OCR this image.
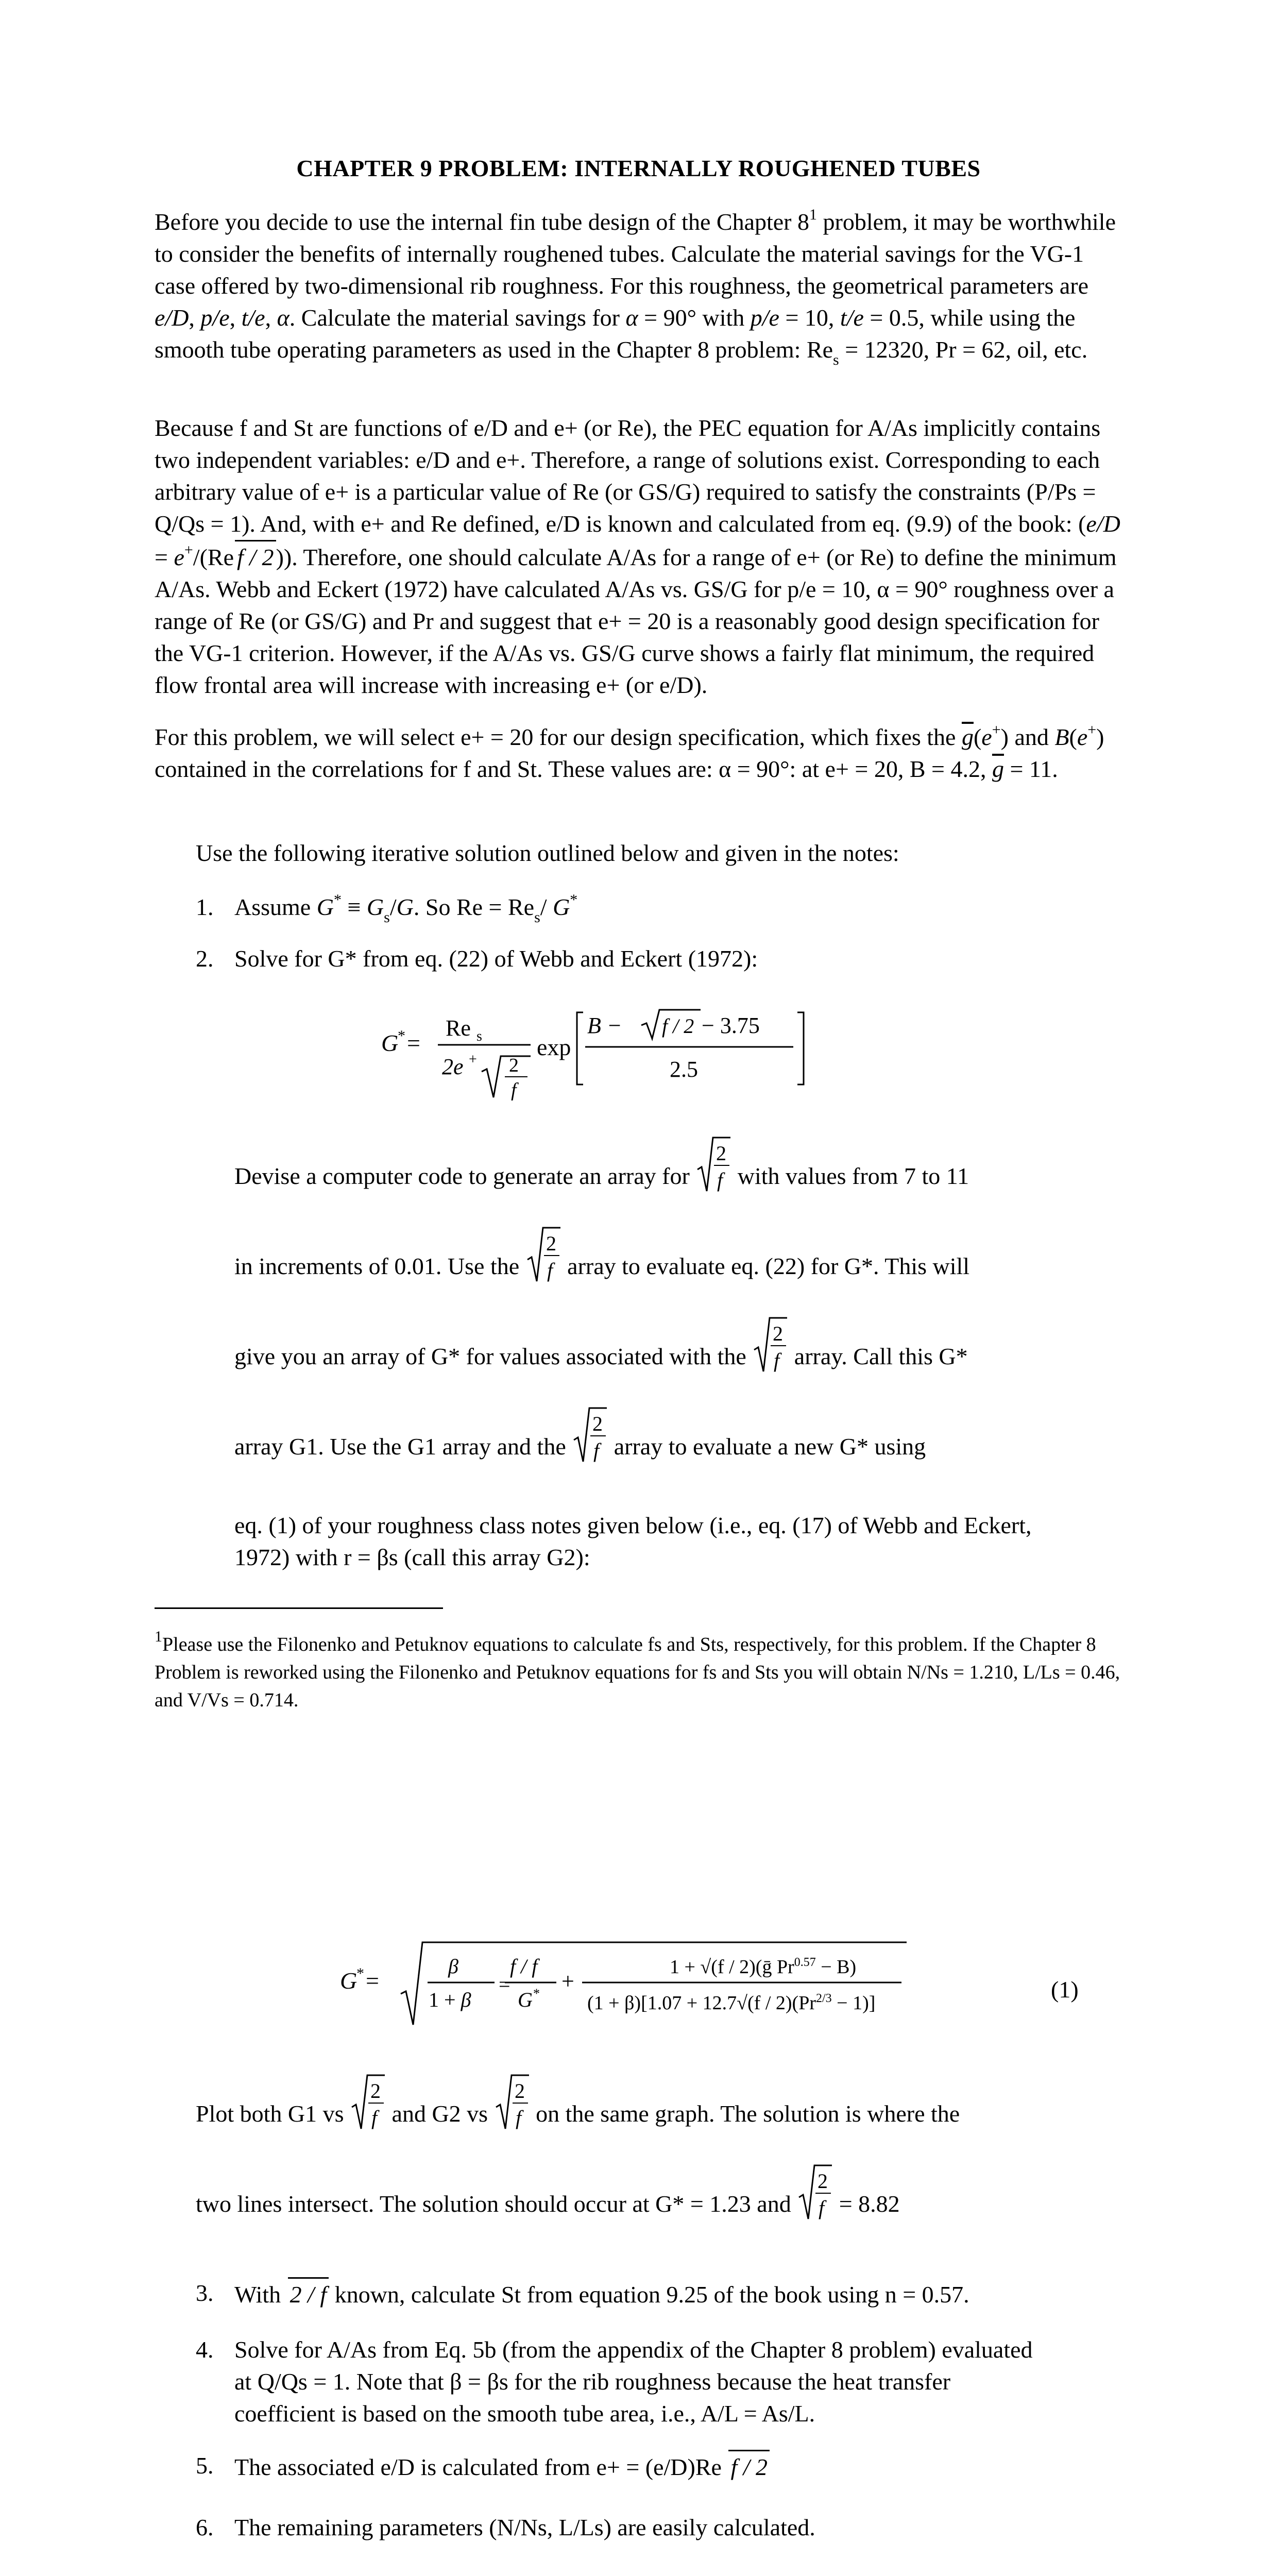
CHAPTER 9 PROBLEM: INTERNALLY ROUGHENED TUBES
Before you decide to use the internal fin tube design of the Chapter $8^1$ problem, it may be worthwhile to consider the benefits of internally roughened tubes. Calculate the material savings for the VG-1 case offered by two-dimensional rib roughness. For this roughness, the geometrical parameters are e/D, p/e, t/e, α. Calculate the material savings for α = 90° with p/e = 10, t/e = 0.5, while using the smooth tube operating parameters as used in the Chapter 8 problem: $Re_s = 12320$, Pr = 62, oil, etc.
Because f and St are functions of e/D and e+ (or Re), the PEC equation for A/As implicitly contains two independent variables: e/D and e+. Therefore, a range of solutions exist. Corresponding to each arbitrary value of e+ is a particular value of Re (or GS/G) required to satisfy the constraints (P/Ps = Q/Qs = 1). And, with e+ and Re defined, e/D is known and calculated from eq. (9.9) of the book: (e/D = e+/(Re f / 2)). Therefore, one should calculate A/As for a range of e+ (or Re) to define the minimum A/As. Webb and Eckert (1972) have calculated A/As vs. GS/G for p/e = 10, α = 90° roughness over a range of Re (or GS/G) and Pr and suggest that e+ = 20 is a reasonably good design specification for the VG-1 criterion. However, if the A/As vs. GS/G curve shows a fairly flat minimum, the required flow frontal area will increase with increasing e+ (or e/D).
For this problem, we will select e+ = 20 for our design specification, which fixes the $\overline{g}(e^+)$ and B(e+) contained in the correlations for f and St. These values are: α = 90°: at e+ = 20, B = 4.2, $\overline{g} = 11$.
Use the following iterative solution outlined below and given in the notes:
1. Assume $G^* \equiv G_s/G$. So $Re = Re_s/$ G*
2. Solve for G* from eq. (22) of Webb and Eckert (1972):
G
* =
Re s
2e + 2
f
exp
B − f / 2 − 3.75
2.5
Devise a computer code to generate an array for
2
f with values from 7 to 11
in increments of 0.01. Use the
2
f array to evaluate eq. (22) for G*. This will
give you an array of G* for values associated with the
2
f array. Call this G*
array G1. Use the G1 array and the
2
f array to evaluate a new G* using
eq. (1) of your roughness class notes given below (i.e., eq. (17) of Webb and Eckert, 1972) with r = βs (call this array G2):
$^1$Please use the Filonenko and Petuknov equations to calculate fs and Sts, respectively, for this problem. If the Chapter 8 Problem is reworked using the Filonenko and Petuknov equations for fs and Sts you will obtain N/Ns = 1.210, L/Ls = 0.46, and V/Vs = 0.714.
G
* =
β
1 + β
=
f / f
G * +
1 + √(f / 2)(ḡ $Pr^{0.57} - B$)
$(1 + \beta)[1.07 + 12.7√(f / 2)(Pr^{2/3} - 1)]$
(1)
Plot both G1 vs
2
f and G2 vs
2
f on the same graph. The solution is where the
two lines intersect. The solution should occur at G* = 1.23 and
2
f = 8.82
3. With 2 / f known, calculate St from equation 9.25 of the book using n = 0.57.
4. Solve for A/As from Eq. 5b (from the appendix of the Chapter 8 problem) evaluated at Q/Qs = 1. Note that β = βs for the rib roughness because the heat transfer coefficient is based on the smooth tube area, i.e., A/L = As/L.
5. The associated e/D is calculated from e+ = (e/D)Re f / 2
6. The remaining parameters (N/Ns, L/Ls) are easily calculated.
